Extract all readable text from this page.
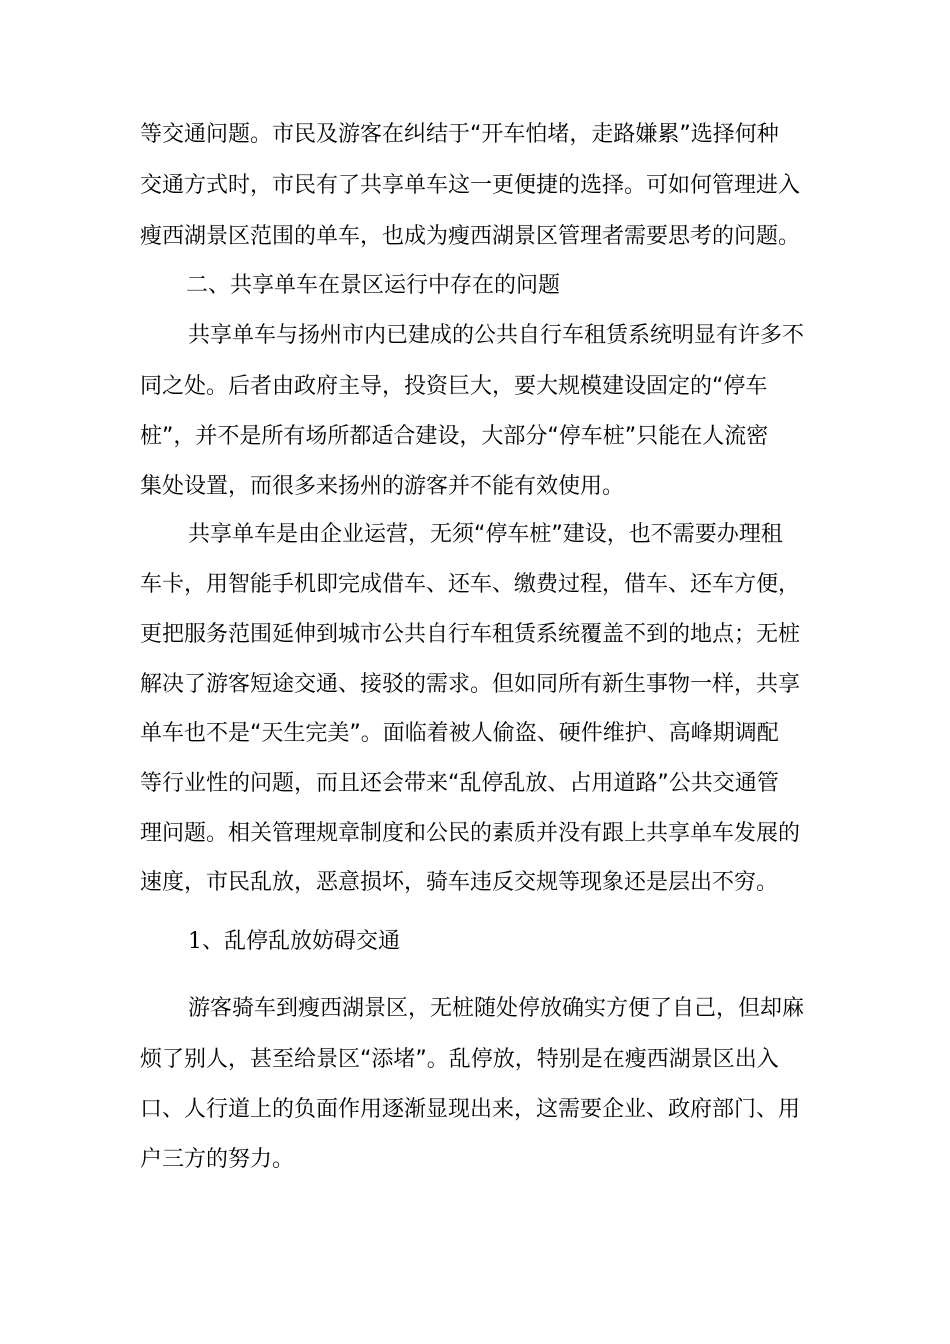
等交通问题。市民及游客在纠结于“开车怕堵，走路嫌累”选择何种
交通方式时，市民有了共享单车这一更便捷的选择。可如何管理进入
瘦西湖景区范围的单车，也成为瘦西湖景区管理者需要思考的问题。
二、共享单车在景区运行中存在的问题
共享单车与扬州市内已建成的公共自行车租赁系统明显有许多不
同之处。后者由政府主导，投资巨大，要大规模建设固定的“停车
桩”，并不是所有场所都适合建设，大部分“停车桩”只能在人流密
集处设置，而很多来扬州的游客并不能有效使用。
共享单车是由企业运营，无须“停车桩”建设，也不需要办理租
车卡，用智能手机即完成借车、还车、缴费过程，借车、还车方便，
更把服务范围延伸到城市公共自行车租赁系统覆盖不到的地点；无桩
解决了游客短途交通、接驳的需求。但如同所有新生事物一样，共享
单车也不是“天生完美”。面临着被人偷盗、硬件维护、高峰期调配
等行业性的问题，而且还会带来“乱停乱放、占用道路”公共交通管
理问题。相关管理规章制度和公民的素质并没有跟上共享单车发展的
速度，市民乱放，恶意损坏，骑车违反交规等现象还是层出不穷。
1、乱停乱放妨碍交通
游客骑车到瘦西湖景区，无桩随处停放确实方便了自己，但却麻
烦了别人，甚至给景区“添堵”。乱停放，特别是在瘦西湖景区出入
口、人行道上的负面作用逐渐显现出来，这需要企业、政府部门、用
户三方的努力。
